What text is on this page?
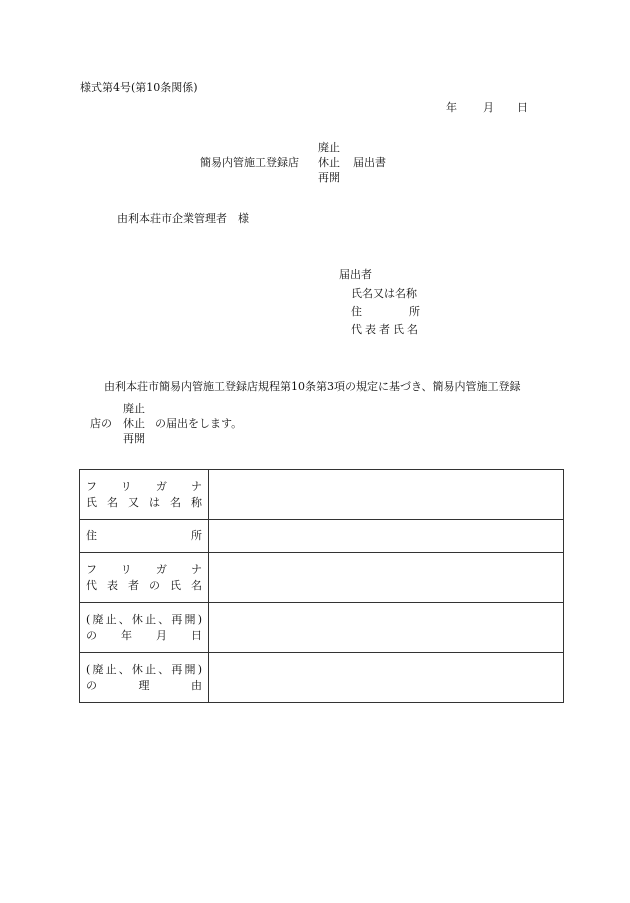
様式第4号(第10条関係)
年 月 日
簡易内管施工登録店
廃止
休止
再開
届出書
由利本荘市企業管理者　様
届出者
氏名又は名称
住	所
代表者氏名
由利本荘市簡易内管施工登録店規程第10条第3項の規定に基づき、簡易内管施工登録
廃止
店の 休止 の届出をします。
再開
フリガナ
氏名又は名称	

住所	

フリガナ
代表者の氏名	

(廃止、休止、再開)
の年月日	

(廃止、休止、再開)
の理由	
